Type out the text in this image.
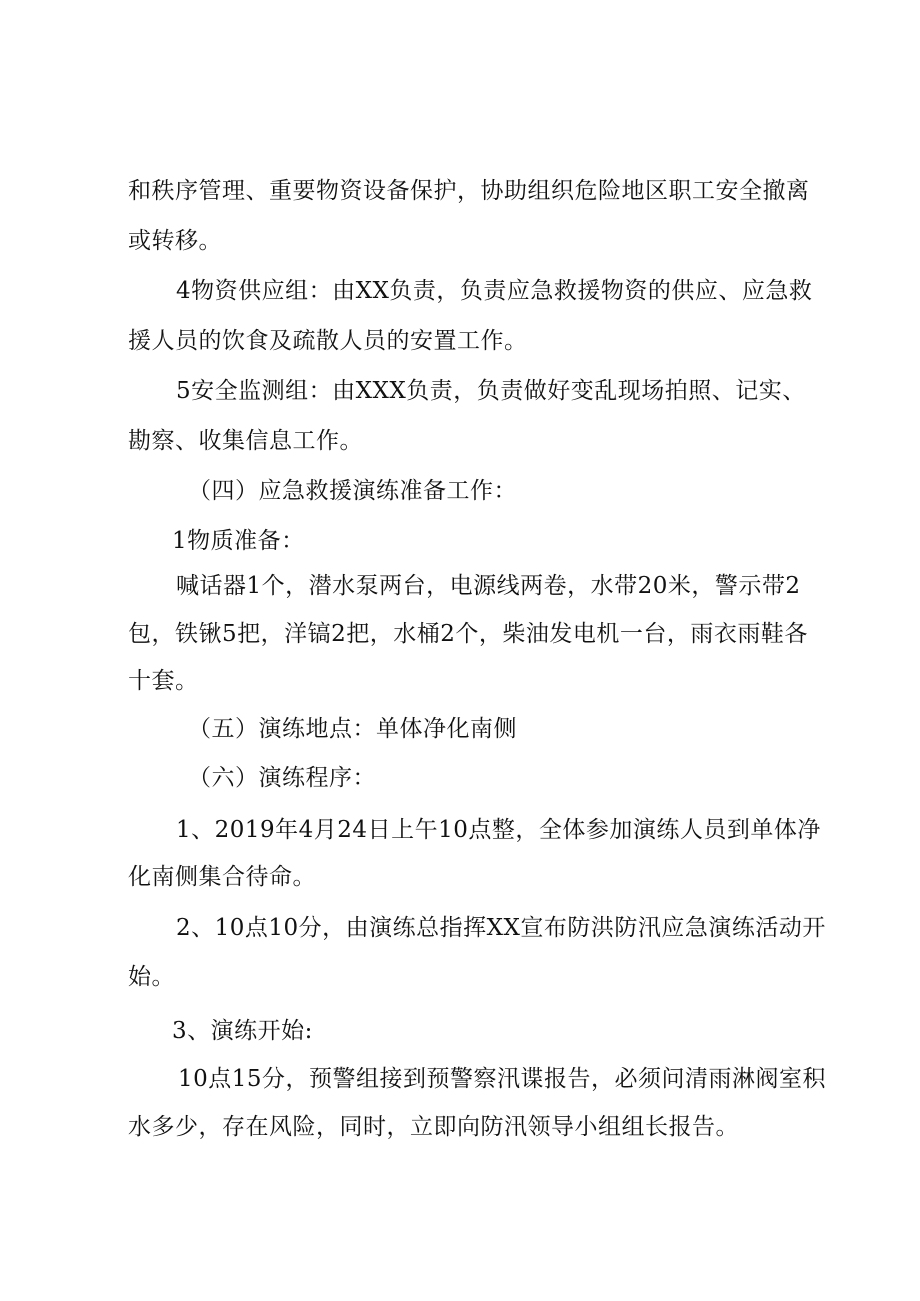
和秩序管理、重要物资设备保护，协助组织危险地区职工安全撤离
或转移。
4物资供应组：由XX负责，负责应急救援物资的供应、应急救
援人员的饮食及疏散人员的安置工作。
5安全监测组：由XXX负责，负责做好变乱现场拍照、记实、
勘察、收集信息工作。
（四）应急救援演练准备工作：
1物质准备：
喊话器1个，潜水泵两台，电源线两卷，水带20米，警示带2
包，铁锹5把，洋镐2把，水桶2个，柴油发电机一台，雨衣雨鞋各
十套。
（五）演练地点：单体净化南侧
（六）演练程序：
1、2019年4月24日上午10点整，全体参加演练人员到单体净
化南侧集合待命。
2、10点10分，由演练总指挥XX宣布防洪防汛应急演练活动开
始。
3、演练开始:
10点15分，预警组接到预警察汛谍报告，必须问清雨淋阀室积
水多少，存在风险，同时，立即向防汛领导小组组长报告。
